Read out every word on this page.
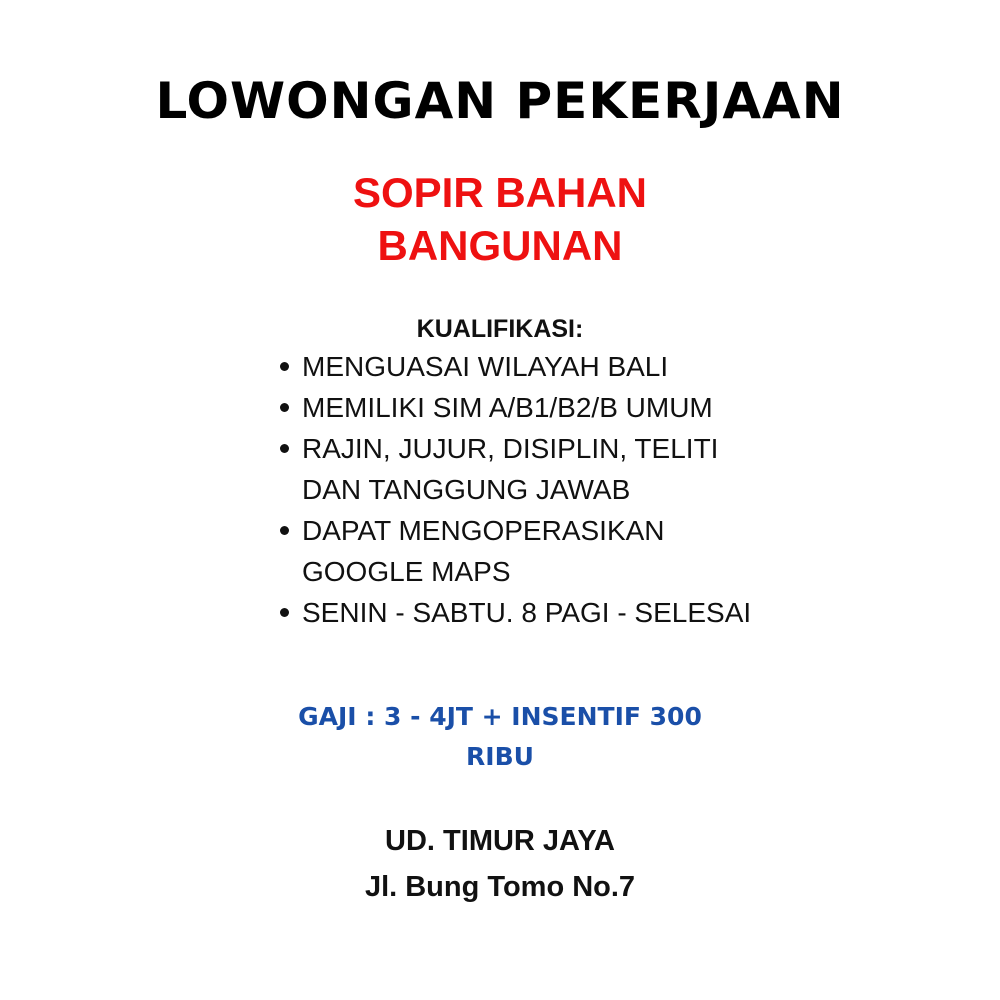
LOWONGAN PEKERJAAN
SOPIR BAHAN
BANGUNAN
KUALIFIKASI:
MENGUASAI WILAYAH BALI
MEMILIKI SIM A/B1/B2/B UMUM
RAJIN, JUJUR, DISIPLIN, TELITI DAN TANGGUNG JAWAB
DAPAT MENGOPERASIKAN GOOGLE MAPS
SENIN - SABTU. 8 PAGI - SELESAI
GAJI : 3 - 4JT + INSENTIF 300
RIBU
UD. TIMUR JAYA
Jl. Bung Tomo No.7
